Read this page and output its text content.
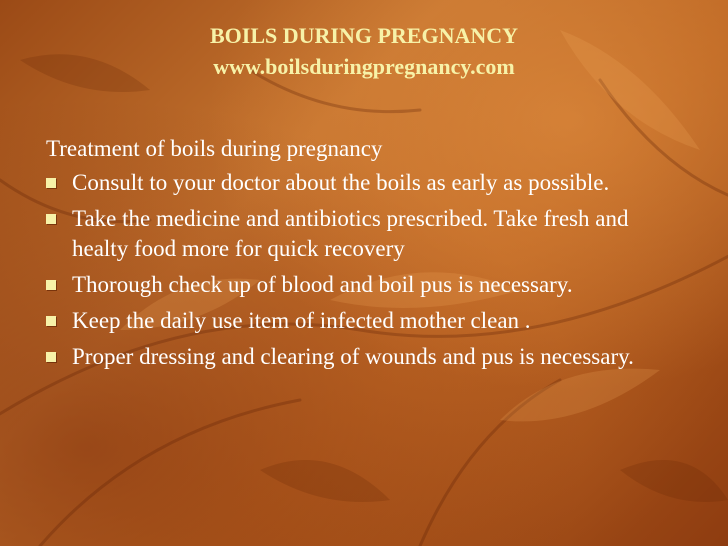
BOILS DURING PREGNANCY
www.boilsduringpregnancy.com
Treatment of boils during pregnancy
Consult to your doctor about the boils as early as possible.
Take the medicine and antibiotics prescribed. Take fresh and healty food more for quick recovery
Thorough check up of blood and boil pus is necessary.
Keep the daily use item of infected mother clean .
Proper dressing and clearing of wounds and pus is necessary.
